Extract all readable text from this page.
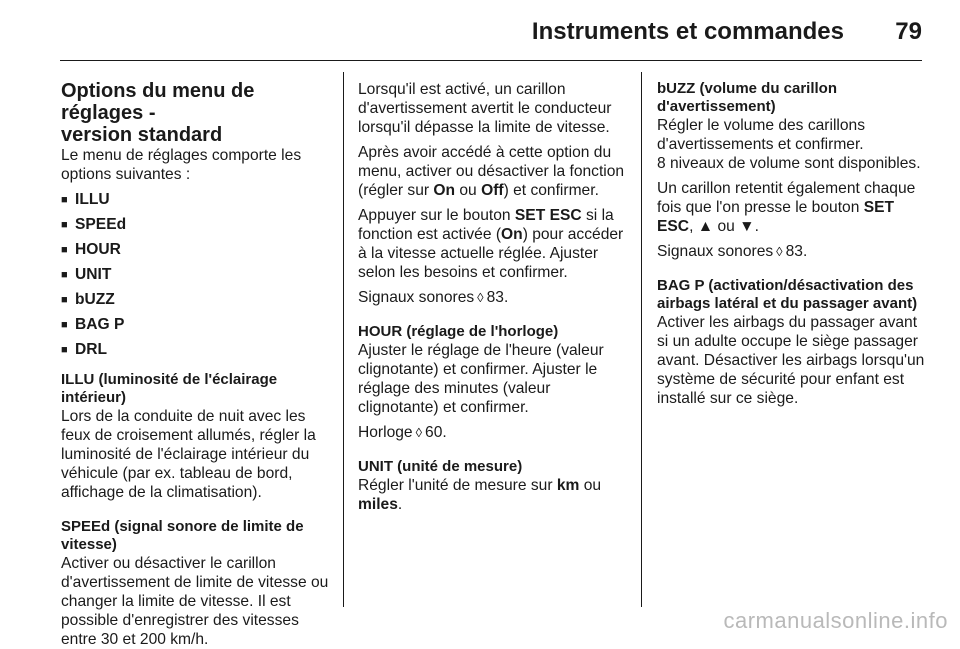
Instruments et commandes 79
Options du menu de réglages -
version standard

Le menu de réglages comporte les options suivantes :

■ ILLU
■ SPEEd
■ HOUR
■ UNIT
■ bUZZ
■ BAG P
■ DRL

ILLU (luminosité de l'éclairage intérieur)

Lors de la conduite de nuit avec les feux de croisement allumés, régler la luminosité de l'éclairage intérieur du véhicule (par ex. tableau de bord, affichage de la climatisation).

SPEEd (signal sonore de limite de vitesse)

Activer ou désactiver le carillon d'avertissement de limite de vitesse ou changer la limite de vitesse. Il est possible d'enregistrer des vitesses entre 30 et 200 km/h.

Lorsqu'il est activé, un carillon d'avertissement avertit le conducteur lorsqu'il dépasse la limite de vitesse.

Après avoir accédé à cette option du menu, activer ou désactiver la fonction (régler sur On ou Off) et confirmer.

Appuyer sur le bouton SET ESC si la fonction est activée (On) pour accéder à la vitesse actuelle réglée. Ajuster selon les besoins et confirmer.

Signaux sonores ◊ 83.

HOUR (réglage de l'horloge)

Ajuster le réglage de l'heure (valeur clignotante) et confirmer. Ajuster le réglage des minutes (valeur clignotante) et confirmer.

Horloge ◊ 60.

UNIT (unité de mesure)

Régler l'unité de mesure sur km ou miles.

bUZZ (volume du carillon d'avertissement)

Régler le volume des carillons d'avertissements et confirmer.

8 niveaux de volume sont disponibles.

Un carillon retentit également chaque fois que l'on presse le bouton SET ESC, ▲ ou ▼.

Signaux sonores ◊ 83.

BAG P (activation/désactivation des airbags latéral et du passager avant)

Activer les airbags du passager avant si un adulte occupe le siège passager avant. Désactiver les airbags lorsqu'un système de sécurité pour enfant est installé sur ce siège.

carmanualsonline.info
